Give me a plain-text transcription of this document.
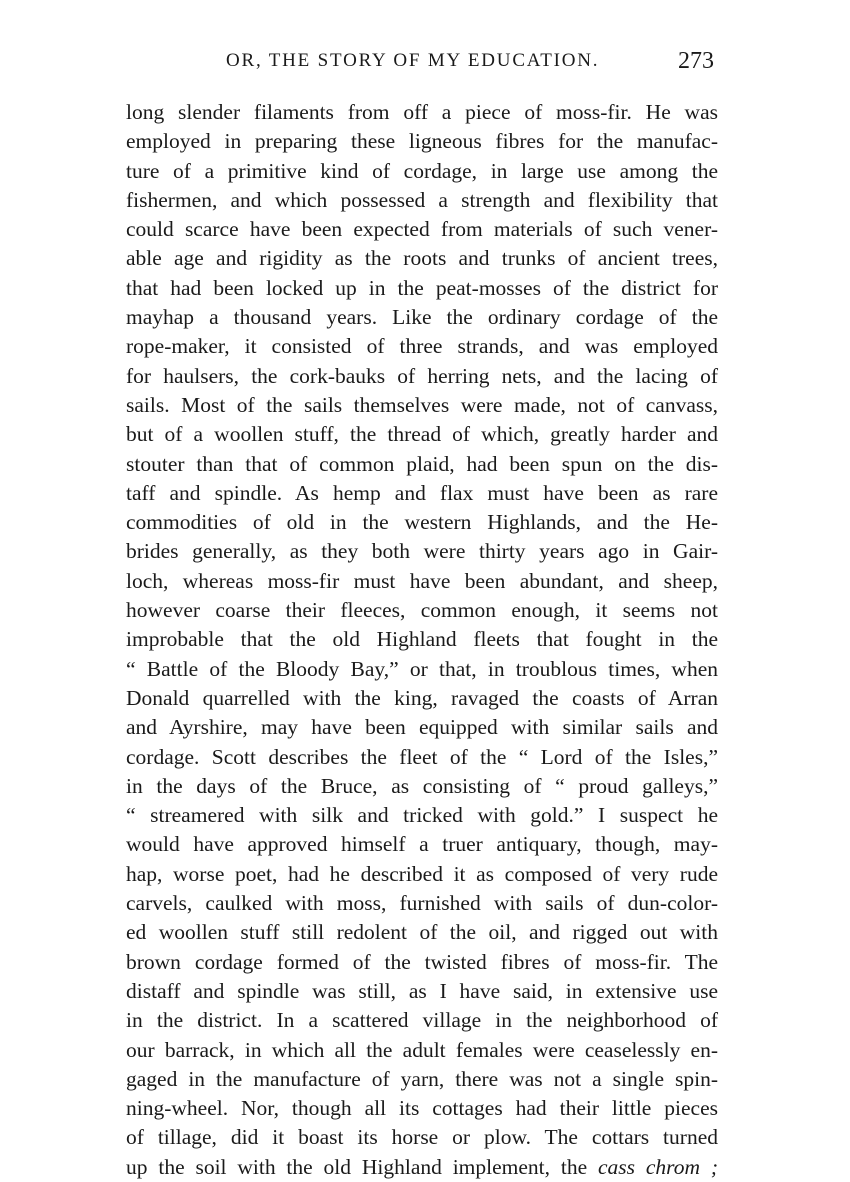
OR, THE STORY OF MY EDUCATION.	273
long slender filaments from off a piece of moss-fir. He was
employed in preparing these ligneous fibres for the manufac-
ture of a primitive kind of cordage, in large use among the
fishermen, and which possessed a strength and flexibility that
could scarce have been expected from materials of such vener-
able age and rigidity as the roots and trunks of ancient trees,
that had been locked up in the peat-mosses of the district for
mayhap a thousand years. Like the ordinary cordage of the
rope-maker, it consisted of three strands, and was employed
for haulsers, the cork-bauks of herring nets, and the lacing of
sails. Most of the sails themselves were made, not of canvass,
but of a woollen stuff, the thread of which, greatly harder and
stouter than that of common plaid, had been spun on the dis-
taff and spindle. As hemp and flax must have been as rare
commodities of old in the western Highlands, and the He-
brides generally, as they both were thirty years ago in Gair-
loch, whereas moss-fir must have been abundant, and sheep,
however coarse their fleeces, common enough, it seems not
improbable that the old Highland fleets that fought in the
“ Battle of the Bloody Bay,” or that, in troublous times, when
Donald quarrelled with the king, ravaged the coasts of Arran
and Ayrshire, may have been equipped with similar sails and
cordage. Scott describes the fleet of the “ Lord of the Isles,”
in the days of the Bruce, as consisting of “ proud galleys,”
“ streamered with silk and tricked with gold.” I suspect he
would have approved himself a truer antiquary, though, may-
hap, worse poet, had he described it as composed of very rude
carvels, caulked with moss, furnished with sails of dun-color-
ed woollen stuff still redolent of the oil, and rigged out with
brown cordage formed of the twisted fibres of moss-fir. The
distaff and spindle was still, as I have said, in extensive use
in the district. In a scattered village in the neighborhood of
our barrack, in which all the adult females were ceaselessly en-
gaged in the manufacture of yarn, there was not a single spin-
ning-wheel. Nor, though all its cottages had their little pieces
of tillage, did it boast its horse or plow. The cottars turned
up the soil with the old Highland implement, the cass chrom ;
